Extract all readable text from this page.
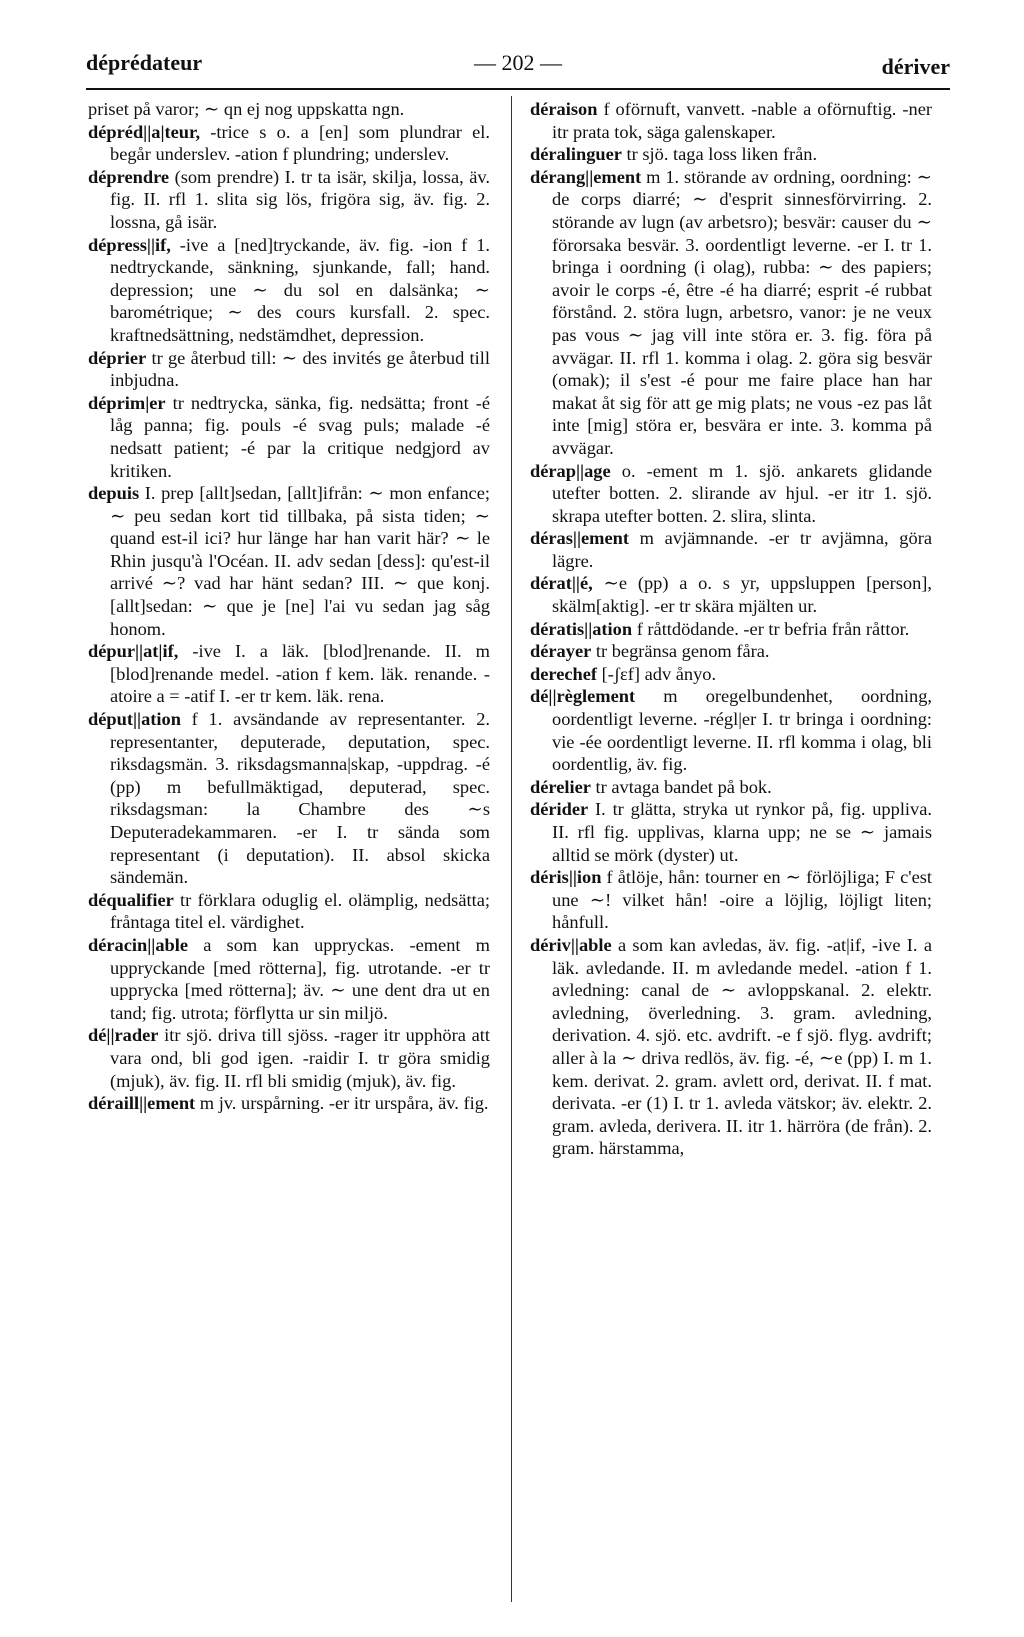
déprédateur	— 202 —	dériver

priset på varor; ∼ qn ej nog uppskatta ngn.

dépréd||a|teur, -trice s o. a [en] som plundrar el. begår underslev. -ation f plundring; underslev.

déprendre (som prendre) I. tr ta isär, skilja, lossa, äv. fig. II. rfl 1. slita sig lös, frigöra sig, äv. fig. 2. lossna, gå isär.

dépress||if, -ive a [ned]tryckande, äv. fig. -ion f 1. nedtryckande, sänkning, sjunkande, fall; hand. depression; une ∼ du sol en dalsänka; ∼ barométrique; ∼ des cours kursfall. 2. spec. kraftnedsättning, nedstämdhet, depression.

déprier tr ge återbud till: ∼ des invités ge återbud till inbjudna.

déprim|er tr nedtrycka, sänka, fig. nedsätta; front -é låg panna; fig. pouls -é svag puls; malade -é nedsatt patient; -é par la critique nedgjord av kritiken.

depuis I. prep [allt]sedan, [allt]ifrån: ∼ mon enfance; ∼ peu sedan kort tid tillbaka, på sista tiden; ∼ quand est-il ici? hur länge har han varit här? ∼ le Rhin jusqu'à l'Océan. II. adv sedan [dess]: qu'est-il arrivé ∼? vad har hänt sedan? III. ∼ que konj. [allt]sedan: ∼ que je [ne] l'ai vu sedan jag såg honom.

dépur||at|if, -ive I. a läk. [blod]renande. II. m [blod]renande medel. -ation f kem. läk. renande. -atoire a = -atif I. -er tr kem. läk. rena.

déput||ation f 1. avsändande av representanter. 2. representanter, deputerade, deputation, spec. riksdagsmän. 3. riksdagsmanna|skap, -uppdrag. -é (pp) m befullmäktigad, deputerad, spec. riksdagsman: la Chambre des ∼s Deputeradekammaren. -er I. tr sända som representant (i deputation). II. absol skicka sändemän.

déqualifier tr förklara oduglig el. olämplig, nedsätta; fråntaga titel el. värdighet.

déracin||able a som kan uppryckas. -ement m uppryckande [med rötterna], fig. utrotande. -er tr upprycka [med rötterna]; äv. ∼ une dent dra ut en tand; fig. utrota; förflytta ur sin miljö.

dé||rader itr sjö. driva till sjöss. -rager itr upphöra att vara ond, bli god igen. -raidir I. tr göra smidig (mjuk), äv. fig. II. rfl bli smidig (mjuk), äv. fig.

déraill||ement m jv. urspårning. -er itr urspåra, äv. fig.

déraison f oförnuft, vanvett. -nable a oförnuftig. -ner itr prata tok, säga galenskaper.

déralinguer tr sjö. taga loss liken från.

dérang||ement m 1. störande av ordning, oordning: ∼ de corps diarré; ∼ d'esprit sinnesförvirring. 2. störande av lugn (av arbetsro); besvär: causer du ∼ förorsaka besvär. 3. oordentligt leverne. -er I. tr 1. bringa i oordning (i olag), rubba: ∼ des papiers; avoir le corps -é, être -é ha diarré; esprit -é rubbat förstånd. 2. störa lugn, arbetsro, vanor: je ne veux pas vous ∼ jag vill inte störa er. 3. fig. föra på avvägar. II. rfl 1. komma i olag. 2. göra sig besvär (omak); il s'est -é pour me faire place han har makat åt sig för att ge mig plats; ne vous -ez pas låt inte [mig] störa er, besvära er inte. 3. komma på avvägar.

dérap||age o. -ement m 1. sjö. ankarets glidande utefter botten. 2. slirande av hjul. -er itr 1. sjö. skrapa utefter botten. 2. slira, slinta.

déras||ement m avjämnande. -er tr avjämna, göra lägre.

dérat||é, ∼e (pp) a o. s yr, uppsluppen [person], skälm[aktig]. -er tr skära mjälten ur.

dératis||ation f råttdödande. -er tr befria från råttor.

dérayer tr begränsa genom fåra.

derechef [-ʃɛf] adv ånyo.

dé||règlement m oregelbundenhet, oordning, oordentligt leverne. -régl|er I. tr bringa i oordning: vie -ée oordentligt leverne. II. rfl komma i olag, bli oordentlig, äv. fig.

dérelier tr avtaga bandet på bok.

dérider I. tr glätta, stryka ut rynkor på, fig. uppliva. II. rfl fig. upplivas, klarna upp; ne se ∼ jamais alltid se mörk (dyster) ut.

déris||ion f åtlöje, hån: tourner en ∼ förlöjliga; F c'est une ∼! vilket hån! -oire a löjlig, löjligt liten; hånfull.

dériv||able a som kan avledas, äv. fig. -at|if, -ive I. a läk. avledande. II. m avledande medel. -ation f 1. avledning: canal de ∼ avloppskanal. 2. elektr. avledning, överledning. 3. gram. avledning, derivation. 4. sjö. etc. avdrift. -e f sjö. flyg. avdrift; aller à la ∼ driva redlös, äv. fig. -é, ∼e (pp) I. m 1. kem. derivat. 2. gram. avlett ord, derivat. II. f mat. derivata. -er (1) I. tr 1. avleda vätskor; äv. elektr. 2. gram. avleda, derivera. II. itr 1. härröra (de från). 2. gram. härstamma,
